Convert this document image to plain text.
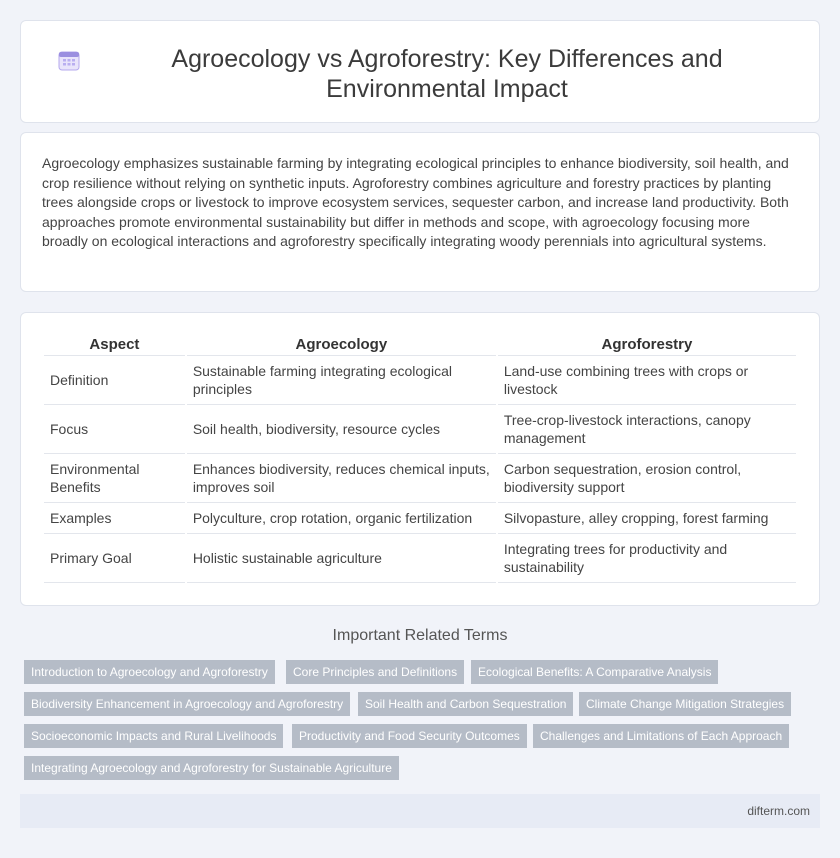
Agroecology vs Agroforestry: Key Differences and Environmental Impact

Agroecology emphasizes sustainable farming by integrating ecological principles to enhance biodiversity, soil health, and crop resilience without relying on synthetic inputs. Agroforestry combines agriculture and forestry practices by planting trees alongside crops or livestock to improve ecosystem services, sequester carbon, and increase land productivity. Both approaches promote environmental sustainability but differ in methods and scope, with agroecology focusing more broadly on ecological interactions and agroforestry specifically integrating woody perennials into agricultural systems.

Aspect	Agroecology	Agroforestry
Definition	Sustainable farming integrating ecological principles	Land-use combining trees with crops or livestock
Focus	Soil health, biodiversity, resource cycles	Tree-crop-livestock interactions, canopy management
Environmental Benefits	Enhances biodiversity, reduces chemical inputs, improves soil	Carbon sequestration, erosion control, biodiversity support
Examples	Polyculture, crop rotation, organic fertilization	Silvopasture, alley cropping, forest farming
Primary Goal	Holistic sustainable agriculture	Integrating trees for productivity and sustainability
Important Related Terms
Introduction to Agroecology and Agroforestry	Core Principles and Definitions	Ecological Benefits: A Comparative Analysis
Biodiversity Enhancement in Agroecology and Agroforestry	Soil Health and Carbon Sequestration	Climate Change Mitigation Strategies
Socioeconomic Impacts and Rural Livelihoods	Productivity and Food Security Outcomes	Challenges and Limitations of Each Approach
Integrating Agroecology and Agroforestry for Sustainable Agriculture
difterm.com
